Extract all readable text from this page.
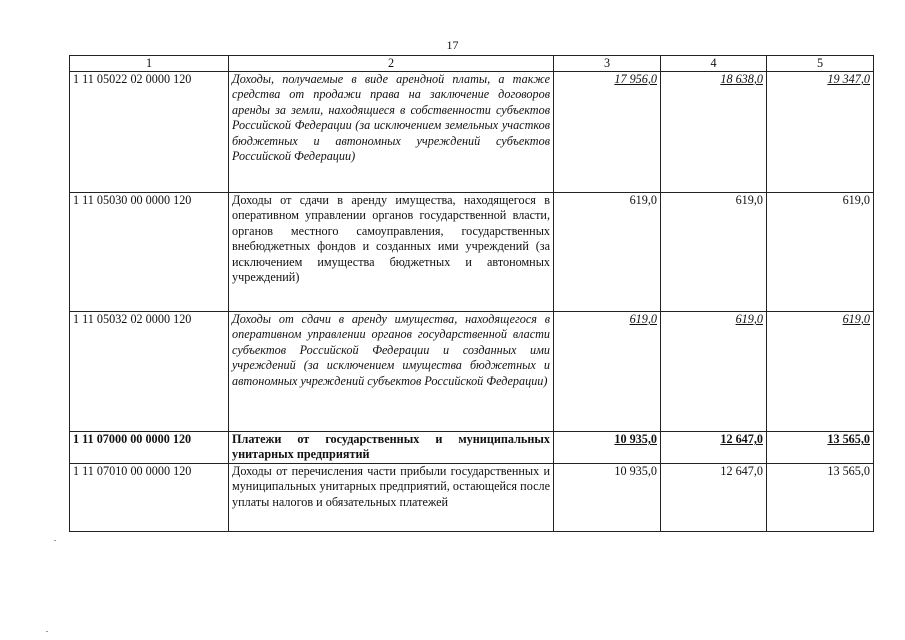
17
1	2	3	4	5
1 11 05022 02 0000 120	Доходы, получаемые в виде арендной платы, а также средства от продажи права на заключение договоров аренды за земли, находящиеся в собственности субъектов Российской Федерации (за исключением земельных участков бюджетных и автономных учреждений субъектов Российской Федерации)	17 956,0	18 638,0	19 347,0
1 11 05030 00 0000 120	Доходы от сдачи в аренду имущества, находящегося в оперативном управлении органов государственной власти, органов местного самоуправления, государственных внебюджетных фондов и созданных ими учреждений (за исключением имущества бюджетных и автономных учреждений)	619,0	619,0	619,0
1 11 05032 02 0000 120	Доходы от сдачи в аренду имущества, находящегося в оперативном управлении органов государственной власти субъектов Российской Федерации и созданных ими учреждений (за исключением имущества бюджетных и автономных учреждений субъектов Российской Федерации)	619,0	619,0	619,0
1 11 07000 00 0000 120	Платежи от государственных и муниципальных унитарных предприятий	10 935,0	12 647,0	13 565,0
1 11 07010 00 0000 120	Доходы от перечисления части прибыли государственных и муниципальных унитарных предприятий, остающейся после уплаты налогов и обязательных платежей	10 935,0	12 647,0	13 565,0
